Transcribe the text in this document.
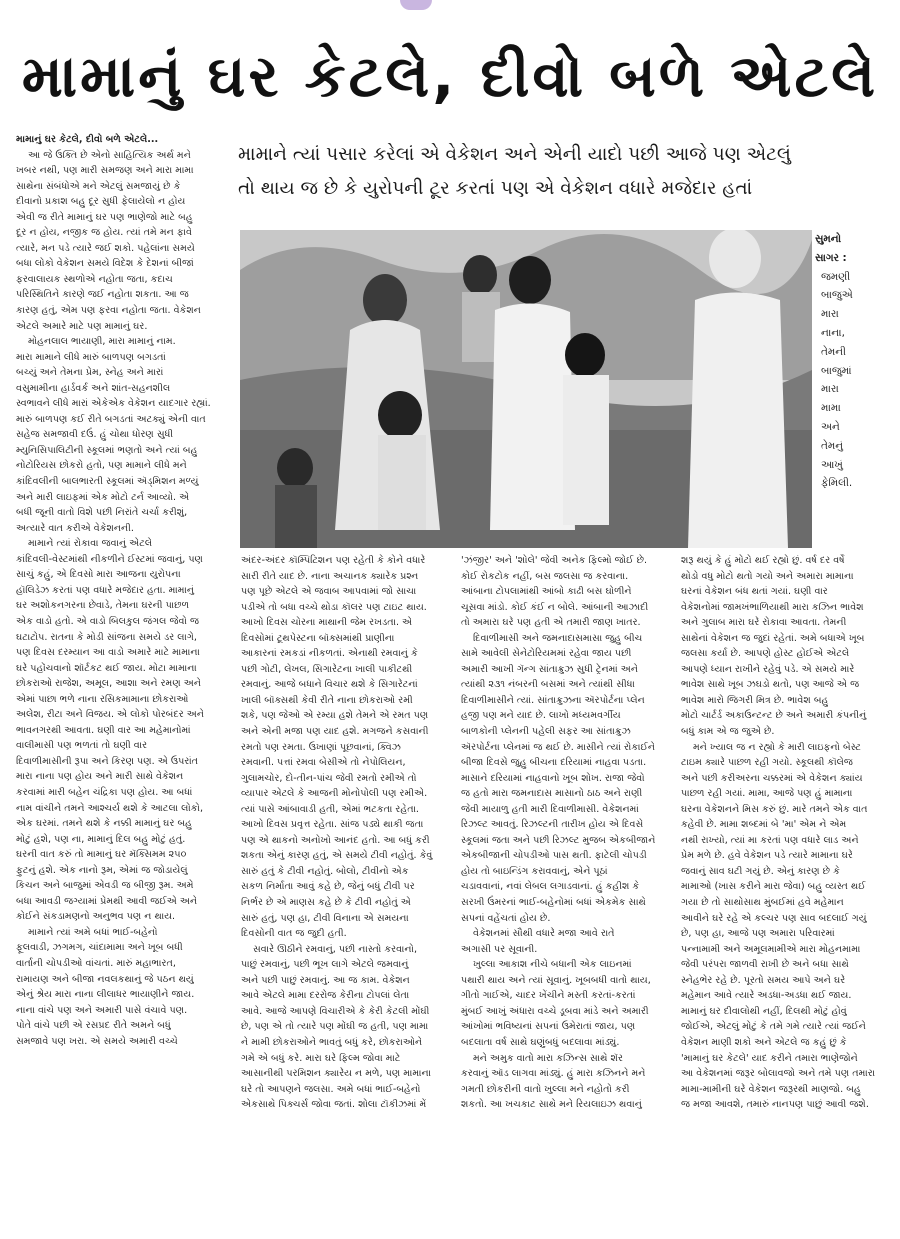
મામાનું ઘર કેટલે, દીવો બળે એટલે

મામાને ત્યાં પસાર કરેલાં એ વેકેશન અને એની યાદો પછી આજે પણ એટલું
તો થાય જ છે કે યુરોપની ટૂર કરતાં પણ એ વેકેશન વધારે મજેદાર હતાં

સુમનો
સાગર :
જમણી
બાજુએ
મારા
નાના,
તેમની
બાજુમાં
મારા
મામા
અને
તેમનું
આખું
ફેમિલી.

મામાનું ઘર કેટલે, દીવો બળે એટલે...

આ જે ઉક્તિ છે એનો સાહિત્યિક અર્થ મને
ખબર નથી, પણ મારી સમજણ અને મારા મામા
સાથેના સંબંધોએ મને એટલું સમજાયું છે કે
દીવાનો પ્રકાશ બહુ દૂર સુધી ફેલાયેલો ન હોય
એવી જ રીતે મામાનું ઘર પણ ભાણેજો માટે બહુ
દૂર ન હોય, નજીક જ હોય. ત્યાં તમે મન ફાવે
ત્યારે, મન પડે ત્યારે જઈ શકો. પહેલાંના સમયે
બધા લોકો વેકેશન સમયે વિદેશ કે દેશનાં બીજાં
ફરવાલાયક સ્થળોએ નહોતા જતા, કદાચ
પરિસ્થિતિને કારણે જઈ નહોતા શકતા. આ જ
કારણ હતું, એમ પણ ફરવા નહોતા જતા. વેકેશન
એટલે અમારે માટે પણ મામાનું ઘર.

મોહનલાલ ભાયાણી, મારા મામાનું નામ.
મારા મામાને લીધે મારું બાળપણ બગડતાં
બચ્યું અને તેમના પ્રેમ, સ્નેહ અને મારાં
વસુમામીના હાર્ડવર્ક અને શાંત-સહનશીલ
સ્વભાવને લીધે મારાં એકેએક વેકેશન યાદગાર રહ્યાં.
મારું બાળપણ કઈ રીતે બગડતાં અટક્યું એની વાત
સહેજ સમજાવી દઉં. હું ચોથા ધોરણ સુધી
મ્યુનિસિપાલિટીની સ્કૂલમાં ભણતો અને ત્યાં બહુ
નોટોરિયસ છોકરો હતો, પણ મામાને લીધે મને
કાંદિવલીની બાલભારતી સ્કૂલમાં ઍડ્‌મિશન મળ્યું
અને મારી લાઇફમાં એક મોટો ટર્ન આવ્યો. એ
બધી જૂની વાતો વિશે પછી નિરાંતે ચર્ચા કરીશું,
અત્યારે વાત કરીએ વેકેશનની.

મામાને ત્યાં રોકાવા જવાનું એટલે
કાંદિવલી-વેસ્ટમાંથી નીકળીને ઈસ્ટમાં જવાનું, પણ
સાચું કહું, એ દિવસો મારા આજના યુરોપના
હૉલિડેઝ કરતાં પણ વધારે મજેદાર હતા. મામાનું
ઘર અશોકનગરના છેવાડે, તેમના ઘરની પાછળ
એક વાડો હતો. એ વાડો બિલકુલ જંગલ જેવો જ
ઘટાટોપ. રાતના કે મોડી સાંજના સમયે ડર લાગે,
પણ દિવસ દરમ્યાન આ વાડો અમારે માટે મામાના
ઘરે પહોંચવાનો શૉર્ટકટ થઈ જાય. મોટા મામાના
છોકરાઓ રાજેશ, અમૂલ, આશા અને રમણ અને
એમાં પાછા ભળે નાના રસિકમામાના છોકરાઓ
અલેશ, રીટા અને વિજય. એ લોકો પોરબંદર અને
ભાવનગરથી આવતા. ઘણી વાર આ મહેમાનોમાં
વાલીમાસી પણ ભળતાં તો ઘણી વાર
દિવાળીમાસીની રૂપા અને કિરણ પણ. એ ઉપરાંત
મારા નાના પણ હોય અને મારી સાથે વેકેશન
કરવામાં મારી બહેન ચંદ્રિકા પણ હોય. આ બધાં
નામ વાંચીને તમને આશ્ચર્ય થશે કે આટલા લોકો,
એક ઘરમાં. તમને થશે કે નક્કી મામાનું ઘર બહુ
મોટું હશે, પણ ના, મામાનું દિલ બહુ મોટું હતું.
ઘરની વાત કરું તો મામાનું ઘર મૅક્સિમમ ૨૫૦
ફુટનું હશે. એક નાનો રૂમ, એમાં જ જોડાયેલું
કિચન અને બાજુમાં એવડી જ બીજી રૂમ. અમે
બધા આવડી જગ્યામાં પ્રેમથી આવી જઈએ અને
કોઈને સંકડામણનો અનુભવ પણ ન થાય.

મામાને ત્યાં અમે બધાં ભાઈ-બહેનો
ફૂલવાડી, ઝગમગ, ચાંદામામા અને ખૂબ બધી
વાર્તાની ચોપડીઓ વાંચતાં. મારું મહાભારત,
રામાયણ અને બીજા નવલકથાનું જે પઠન થયું
એનું શ્રેય મારા નાના લીલાધર ભાયાણીને જાય.
નાના વાંચે પણ અને અમારી પાસે વંચાવે પણ.
પોતે વાંચે પછી એ રસપ્રદ રીતે અમને બધું
સમજાવે પણ ખરા. એ સમયે અમારી વચ્ચે

અંદર-અંદર કૉમ્પિટિશન પણ રહેતી કે કોને વધારે
સારી રીતે યાદ છે. નાના અચાનક ક્યારેક પ્રશ્ન
પણ પૂછે એટલે એ જવાબ આપવામાં જો સાચા
પડીએ તો બધા વચ્ચે થોડા કૉલર પણ ટાઇટ થાય.
આખો દિવસ ચોરના માથાની જેમ રખડતા. એ
દિવસોમાં ટૂથપેસ્ટના બૉક્સમાંથી પ્રાણીના
આકારનાં રમકડાં નીકળતાં. એનાથી રમવાનું કે
પછી ગોટી, લેખલ, સિગારેટના ખાલી પાકીટથી
રમવાનું. આજે બધાને વિચાર થશે કે સિગારેટનાં
ખાલી બૉક્સથી કેવી રીતે નાના છોકરાઓ રમી
શકે, પણ જેઓ એ રમ્યા હશે તેમને એ રમત પણ
અને એની મજા પણ યાદ હશે. મગજને કસવાની
રમતો પણ રમતા. ઉખાણાં પૂછવાનાં, ક્વિઝ
રમવાની. પત્તાં રમવા બેસીએ તો નેપોલિયન,
ગુલામચોર, દો-તીન-પાંચ જેવી રમતો રમીએ તો
વ્યાપાર એટલે કે આજની મોનોપોલી પણ રમીએ.
ત્યાં પાસે આંબાવાડી હતી, એમાં ભટકતા રહેતા.
આખો દિવસ પ્રવૃત્ત રહેતા. સાંજ પડ્યે થાકી જતા
પણ એ થાકનો અનોખો આનંદ હતો. આ બધું કરી
શકતા એનું કારણ હતું, એ સમયે ટીવી નહોતું. કેવું
સારું હતું કે ટીવી નહોતું. બોલો, ટીવીનો એક
સકળ નિર્માતા આવું કહે છે, જેનું બધું ટીવી પર
નિર્ભર છે એ માણસ કહે છે કે ટીવી નહોતું એ
સારું હતું, પણ હા, ટીવી વિનાના એ સમયના
દિવસોની વાત જ જુદી હતી.

સવારે ઊઠીને રમવાનું, પછી નાસ્તો કરવાનો,
પાછું રમવાનું, પછી ભૂખ લાગે એટલે જમવાનું
અને પછી પાછું રમવાનું. આ જ કામ. વેકેશન
આવે એટલે મામા દરરોજ કેરીના ટોપલાં લેતા
આવે. આજે આપણે વિચારીએ કે કેરી કેટલી મોંઘી
છે, પણ એ તો ત્યારે પણ મોંઘી જ હતી, પણ મામા
ને મામી છોકરાઓને ભાવતું બધું કરે, છોકરાઓને
ગમે એ બધું કરે. મારા ઘરે ફિલ્મ જોવા માટે
આસાનીથી પરમિશન ક્યારેય ન મળે, પણ મામાના
ઘરે તો આપણને જલસા. અમે બધાં ભાઈ-બહેનો
એકસાથે પિક્ચર્સ જોવા જતાં. શોલા ટૉકીઝમાં મેં

'ઝંજીર' અને 'શોલે' જેવી અનેક ફિલ્મો જોઈ છે.
કોઈ રોકટોક નહીં, બસ જલસા જ કરવાના.
આંબાના ટોપલામાંથી આંબો કાઢી બસ ઘોળીને
ચૂસવા માંડો. કોઈ કંઈ ન બોલે. આંબાની આઝાદી
તો અમારા ઘરે પણ હતી એ તમારી જાણ ખાતર.

દિવાળીમાસી અને જમનાદાસમાસા જુહુ બીચ
સામે આવેલી સેનેટોરિયમમાં રહેવા જાય પછી
અમારી આખી ગૅન્ગ સાંતાક્રુઝ સુધી ટ્રેનમાં અને
ત્યાંથી ૨૩૧ નંબરની બસમાં અને ત્યાંથી સીધા
દિવાળીમાસીને ત્યાં. સાંતાક્રુઝના ઍરપોર્ટના પ્લેન
હજી પણ મને યાદ છે. લાખો મધ્યમવર્ગીય
બાળકોની પ્લેનની પહેલી સફર આ સાંતાક્રુઝ
ઍરપોર્ટના પ્લેનમાં જ થઈ છે. માસીને ત્યાં રોકાઈને
બીજા દિવસે જુહુ બીચના દરિયામાં નાહવા પડતા.
માસાને દરિયામાં નાહવાનો ખૂબ શોખ. રાજા જેવો
જ હતો મારા જમનાદાસ માસાનો ઠાઠ અને રાણી
જેવી માયાળુ હતી મારી દિવાળીમાસી. વેકેશનમાં
રિઝલ્ટ આવતું. રિઝલ્ટની તારીખ હોય એ દિવસે
સ્કૂલમાં જતા અને પછી રિઝલ્ટ મુજબ એકબીજાને
એકબીજાની ચોપડીઓ પાસ થતી. ફાટેલી ચોપડી
હોય તો બાઇન્ડિંગ કરાવવાનું, એને પૂઠાં
ચડાવવાનાં, નવાં લેબલ લગાડવાનાં. હું કહીશ કે
સરખી ઉંમરનાં ભાઈ-બહેનોમાં બધાં એકમેક સાથે
સપનાં વહેંચતાં હોય છે.

વેકેશનમાં સૌથી વધારે મજા આવે રાતે
અગાસી પર સૂવાની.

ખુલ્લા આકાશ નીચે બધાની એક લાઇનમાં
પથારી થાય અને ત્યાં સૂવાનું. ખૂબબધી વાતો થાય,
ગીતો ગાઈએ, ચાદર ખેંચીને મસ્તી કરતાં-કરતાં
મુંબઈ આખું અંધારા વચ્ચે ડૂબવા માંડે અને અમારી
આંખોમાં ભવિષ્યનાં સપનાં ઉમેરાતાં જાય, પણ
બદલાતા વર્ષ સાથે ઘણુંબધું બદલાવા માંડ્યું.

મને અમુક વાતો મારા કઝિન્સ સાથે શૅર
કરવાનું ઑડ લાગવા માંડ્યું. હું મારા કઝિનને મને
ગમતી છોકરીની વાતો ખુલ્લા મને નહોતો કરી
શકતો. આ ખચકાટ સાથે મને રિયલાઇઝ થવાનું

શરૂ થયું કે હું મોટો થઈ રહ્યો છું. વર્ષ દર વર્ષે
થોડો વધુ મોટો થતો ગયો અને અમારા મામાના
ઘરનાં વેકેશન બંધ થતાં ગયાં. ઘણી વાર
વેકેશનોમાં જામખંભાળિયાથી મારા કઝિન ભાવેશ
અને ગુલાબ મારા ઘરે રોકાવા આવતા. તેમની
સાથેનાં વેકેશન જ જુદાં રહેતાં. અમે બધાએ ખૂબ
જલસા કર્યા છે. આપણે હોસ્ટ હોઈએ એટલે
આપણે ધ્યાન રાખીને રહેવું પડે. એ સમયે મારે
ભાવેશ સાથે ખૂબ ઝઘડો થતો, પણ આજે એ જ
ભાવેશ મારો જિગરી મિત્ર છે. ભાવેશ બહુ
મોટો ચાર્ટર્ડ અકાઉન્ટન્ટ છે અને અમારી કંપનીનું
બધું કામ એ જ જુએ છે.

મને ખ્યાલ જ ન રહ્યો કે મારી લાઇફનો બેસ્ટ
ટાઇમ ક્યારે પાછળ રહી ગયો. સ્કૂલથી કૉલેજ
અને પછી કરીઅરના ચક્કરમાં એ વેકેશન ક્યાંય
પાછળ રહી ગયાં. મામા, આજે પણ હું મામાના
ઘરના વેકેશનને મિસ કરું છું. મારે તમને એક વાત
કહેવી છે. મામા શબ્દમાં બે 'મા' એમ ને એમ
નથી રાખ્યો, ત્યાં મા કરતાં પણ વધારે લાડ અને
પ્રેમ મળે છે. હવે વેકેશન પડે ત્યારે મામાના ઘરે
જવાનું સાવ ઘટી ગયું છે. એનું કારણ છે કે
મામાઓ (ખાસ કરીને મારા જેવા) બહુ વ્યસ્ત થઈ
ગયા છે તો સાથોસાથ મુંબઈમાં હવે મહેમાન
આવીને ઘરે રહે એ કલ્ચર પણ સાવ બદલાઈ ગયું
છે, પણ હા, આજે પણ અમારા પરિવારમાં
પન્નામામી અને અમૂલમામીએ મારા મોહનમામા
જેવી પરંપરા જાળવી રાખી છે અને બધા સાથે
સ્નેહભેર રહે છે. પૂરતો સમય આપે અને ઘરે
મહેમાન આવે ત્યારે અડધા-અડધા થઈ જાય.
મામાનું ઘર દીવાલોથી નહીં, દિલથી મોટું હોવું
જોઈએ, એટલું મોટું કે તમે ગમે ત્યારે ત્યાં જઈને
વેકેશન માણી શકો અને એટલે જ કહું છું કે
'મામાનું ઘર કેટલે' યાદ કરીને તમારા ભાણેજોને
આ વેકેશનમાં જરૂર બોલાવજો અને તમે પણ તમારા
મામા-મામીની ઘરે વેકેશન જરૂરથી માણજો. બહુ
જ મજા આવશે, તમારું નાનપણ પાછું આવી જશે.
